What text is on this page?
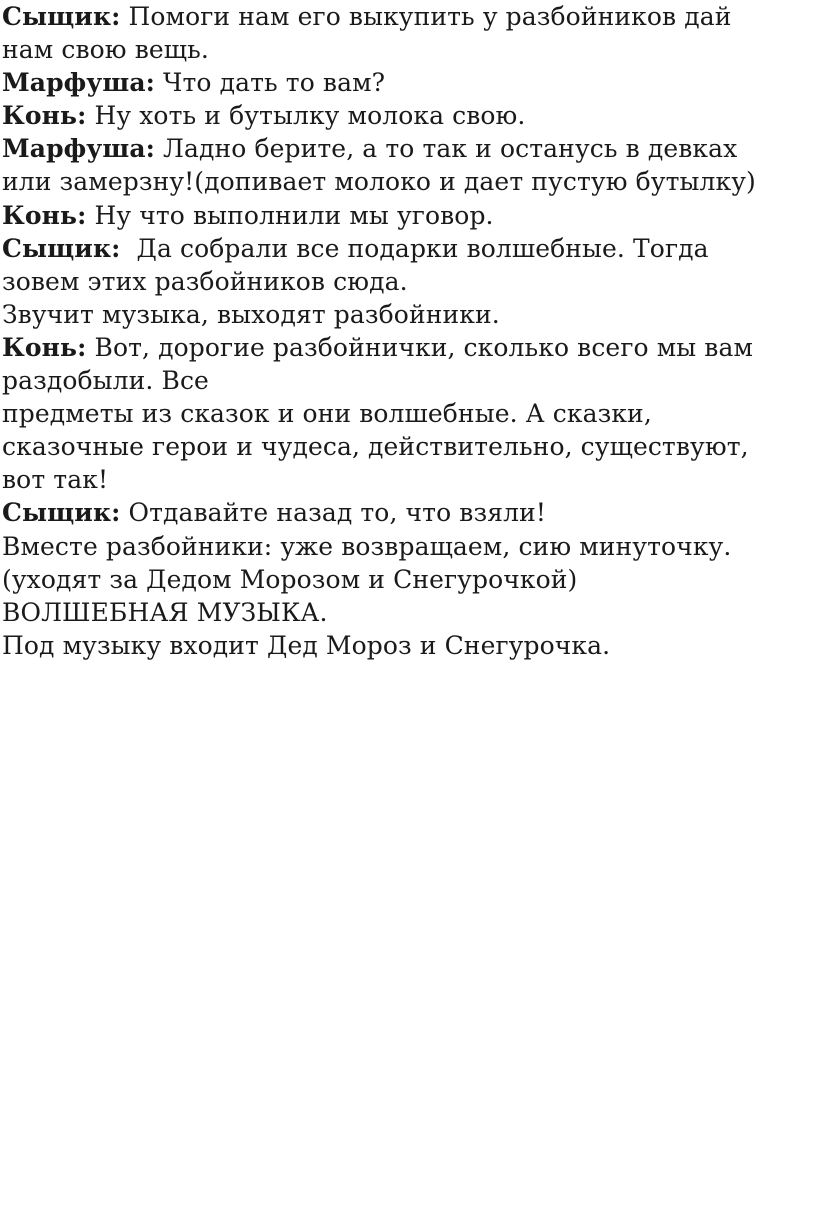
Сыщик: Помоги нам его выкупить у разбойников дай
нам свою вещь.
Марфуша: Что дать то вам?
Конь: Ну хоть и бутылку молока свою.
Марфуша: Ладно берите, а то так и останусь в девках
или замерзну!(допивает молоко и дает пустую бутылку)
Конь: Ну что выполнили мы уговор.
Сыщик:  Да собрали все подарки волшебные. Тогда
зовем этих разбойников сюда.
Звучит музыка, выходят разбойники.
Конь: Вот, дорогие разбойнички, сколько всего мы вам
раздобыли. Все
предметы из сказок и они волшебные. А сказки,
сказочные герои и чудеса, действительно, существуют,
вот так!
Сыщик: Отдавайте назад то, что взяли!
Вместе разбойники: уже возвращаем, сию минуточку.
(уходят за Дедом Морозом и Снегурочкой)
ВОЛШЕБНАЯ МУЗЫКА.
Под музыку входит Дед Мороз и Снегурочка.
